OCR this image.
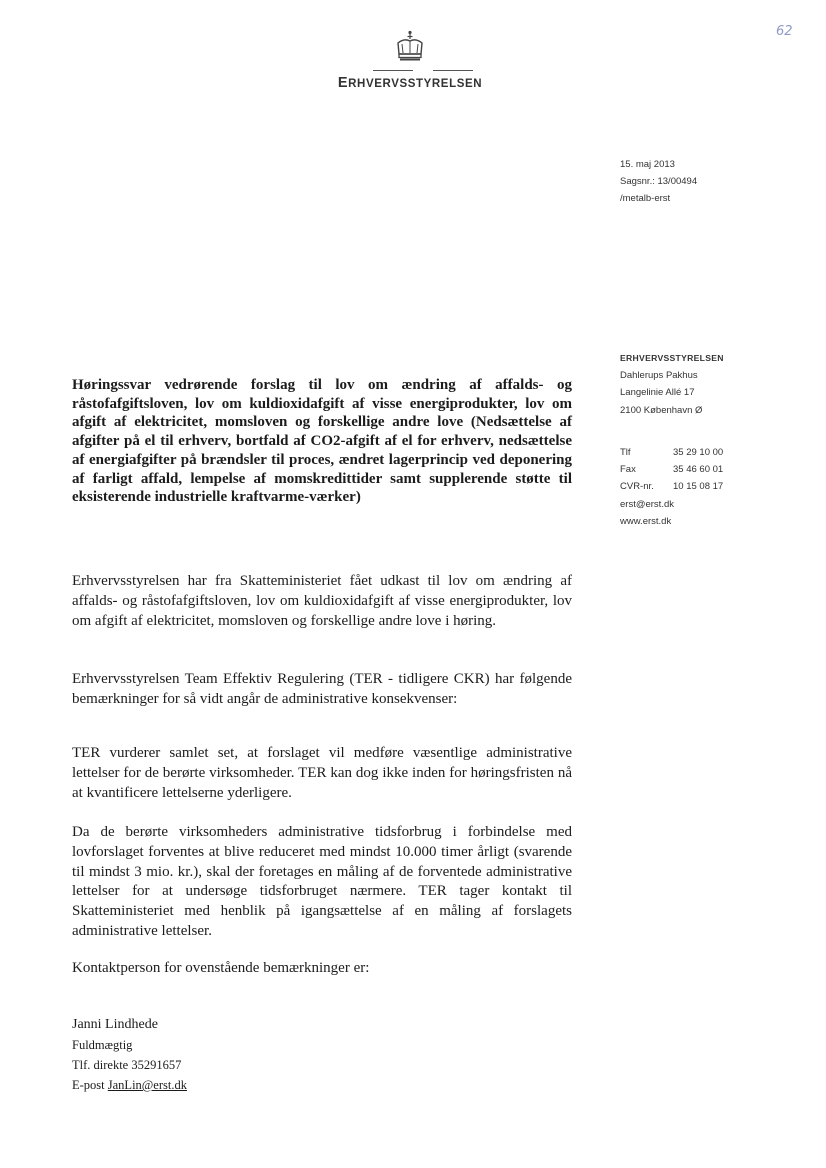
62
ERHVERVSSTYRELSEN
15. maj 2013
Sagsnr.: 13/00494
/metalb-erst
ERHVERVSSTYRELSEN
Dahlerups Pakhus
Langelinie Allé 17
2100 København Ø
Tlf	35 29 10 00
Fax	35 46 60 01
CVR-nr.	10 15 08 17
erst@erst.dk
www.erst.dk
Høringssvar vedrørende forslag til lov om ændring af affalds- og råstofafgiftsloven, lov om kuldioxidafgift af visse energiprodukter, lov om afgift af elektricitet, momsloven og forskellige andre love (Nedsættelse af afgifter på el til erhverv, bortfald af CO2-afgift af el for erhverv, nedsættelse af energiafgifter på brændsler til proces, ændret lagerprincip ved deponering af farligt affald, lempelse af momskredittider samt supplerende støtte til eksisterende industrielle kraftvarme-værker)
Erhvervsstyrelsen har fra Skatteministeriet fået udkast til lov om ændring af affalds- og råstofafgiftsloven, lov om kuldioxidafgift af visse energiprodukter, lov om afgift af elektricitet, momsloven og forskellige andre love i høring.
Erhvervsstyrelsen Team Effektiv Regulering (TER - tidligere CKR) har følgende bemærkninger for så vidt angår de administrative konsekvenser:
TER vurderer samlet set, at forslaget vil medføre væsentlige administrative lettelser for de berørte virksomheder. TER kan dog ikke inden for høringsfristen nå at kvantificere lettelserne yderligere.
Da de berørte virksomheders administrative tidsforbrug i forbindelse med lovforslaget forventes at blive reduceret med mindst 10.000 timer årligt (svarende til mindst 3 mio. kr.), skal der foretages en måling af de forventede administrative lettelser for at undersøge tidsforbruget nærmere. TER tager kontakt til Skatteministeriet med henblik på igangsættelse af en måling af forslagets administrative lettelser.
Kontaktperson for ovenstående bemærkninger er:
Janni Lindhede
Fuldmægtig
Tlf. direkte 35291657
E-post JanLin@erst.dk
